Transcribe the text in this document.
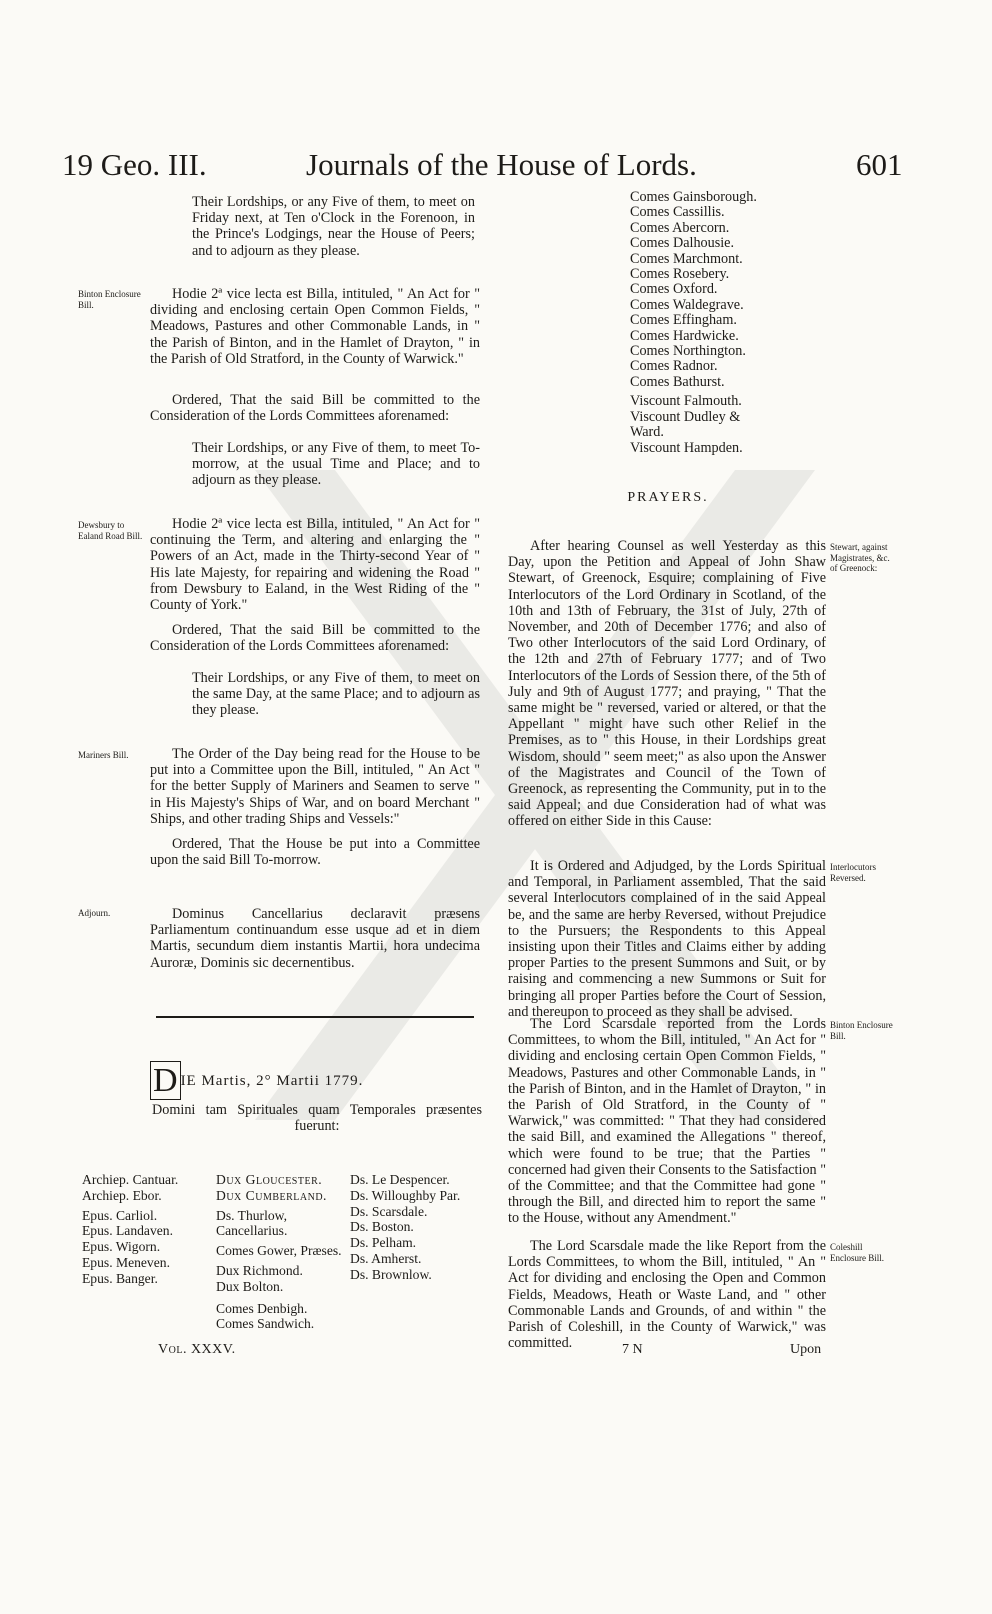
19 Geo. III.	Journals of the House of Lords.	601

Their Lordships, or any Five of them, to meet on Friday next, at Ten o'Clock in the Forenoon, in the Prince's Lodgings, near the House of Peers; and to adjourn as they please.

Binton Enclosure Bill.

Hodie 2ª vice lecta est Billa, intituled, " An Act for " dividing and enclosing certain Open Common Fields, " Meadows, Pastures and other Commonable Lands, in " the Parish of Binton, and in the Hamlet of Drayton, " in the Parish of Old Stratford, in the County of Warwick."

Ordered, That the said Bill be committed to the Consideration of the Lords Committees aforenamed:

Their Lordships, or any Five of them, to meet To-morrow, at the usual Time and Place; and to adjourn as they please.

Dewsbury to Ealand Road Bill.

Hodie 2ª vice lecta est Billa, intituled, " An Act for " continuing the Term, and altering and enlarging the " Powers of an Act, made in the Thirty-second Year of " His late Majesty, for repairing and widening the Road " from Dewsbury to Ealand, in the West Riding of the " County of York."

Ordered, That the said Bill be committed to the Consideration of the Lords Committees aforenamed:

Their Lordships, or any Five of them, to meet on the same Day, at the same Place; and to adjourn as they please.

Mariners Bill.	The Order of the Day being read for the House to be put into a Committee upon the Bill, intituled, " An Act " for the better Supply of Mariners and Seamen to serve " in His Majesty's Ships of War, and on board Merchant " Ships, and other trading Ships and Vessels:"

Ordered, That the House be put into a Committee upon the said Bill To-morrow.

Adjourn.	Dominus Cancellarius declaravit præsens Parliamentum continuandum esse usque ad et in diem Martis, secundum diem instantis Martii, hora undecima Auroræ, Dominis sic decernentibus.

D IE Martis, 2° Martii 1779.

Domini tam Spirituales quam Temporales præsentes fuerunt:

Archiep. Cantuar.
Archiep. Ebor.
Epus. Carliol.
Epus. Landaven.
Epus. Wigorn.
Epus. Meneven.
Epus. Banger.
Dux Gloucester.
Dux Cumberland.
Ds. Thurlow, Cancellarius.
Comes Gower, Præses.
Dux Richmond.
Dux Bolton.
Comes Denbigh.
Comes Sandwich.
Ds. Le Despencer.
Ds. Willoughby Par.
Ds. Scarsdale.
Ds. Boston.
Ds. Pelham.
Ds. Amherst.
Ds. Brownlow.
Vol. XXXV.
Comes Gainsborough.
Comes Cassillis.
Comes Abercorn.
Comes Dalhousie.
Comes Marchmont.
Comes Rosebery.
Comes Oxford.
Comes Waldegrave.
Comes Effingham.
Comes Hardwicke.
Comes Northington.
Comes Radnor.
Comes Bathurst.
Viscount Falmouth.
Viscount Dudley & Ward.
Viscount Hampden.
PRAYERS.
Stewart, against Magistrates, &c. of Greenock:

After hearing Counsel as well Yesterday as this Day, upon the Petition and Appeal of John Shaw Stewart, of Greenock, Esquire; complaining of Five Interlocutors of the Lord Ordinary in Scotland, of the 10th and 13th of February, the 31st of July, 27th of November, and 20th of December 1776; and also of Two other Interlocutors of the said Lord Ordinary, of the 12th and 27th of February 1777; and of Two Interlocutors of the Lords of Session there, of the 5th of July and 9th of August 1777; and praying, " That the same might be " reversed, varied or altered, or that the Appellant " might have such other Relief in the Premises, as to " this House, in their Lordships great Wisdom, should " seem meet;" as also upon the Answer of the Magistrates and Council of the Town of Greenock, as representing the Community, put in to the said Appeal; and due Consideration had of what was offered on either Side in this Cause:

Interlocutors Reversed.

It is Ordered and Adjudged, by the Lords Spiritual and Temporal, in Parliament assembled, That the said several Interlocutors complained of in the said Appeal be, and the same are herby Reversed, without Prejudice to the Pursuers; the Respondents to this Appeal insisting upon their Titles and Claims either by adding proper Parties to the present Summons and Suit, or by raising and commencing a new Summons or Suit for bringing all proper Parties before the Court of Session, and thereupon to proceed as they shall be advised.

Binton Enclosure Bill.

The Lord Scarsdale reported from the Lords Committees, to whom the Bill, intituled, " An Act for " dividing and enclosing certain Open Common Fields, " Meadows, Pastures and other Commonable Lands, in " the Parish of Binton, and in the Hamlet of Drayton, " in the Parish of Old Stratford, in the County of " Warwick," was committed: " That they had considered the said Bill, and examined the Allegations " thereof, which were found to be true; that the Parties " concerned had given their Consents to the Satisfaction " of the Committee; and that the Committee had gone " through the Bill, and directed him to report the same " to the House, without any Amendment."

Coleshill Enclosure Bill.

The Lord Scarsdale made the like Report from the Lords Committees, to whom the Bill, intituled, " An " Act for dividing and enclosing the Open and Common Fields, Meadows, Heath or Waste Land, and " other Commonable Lands and Grounds, of and within " the Parish of Coleshill, in the County of Warwick," was committed.	7 N	Upon
